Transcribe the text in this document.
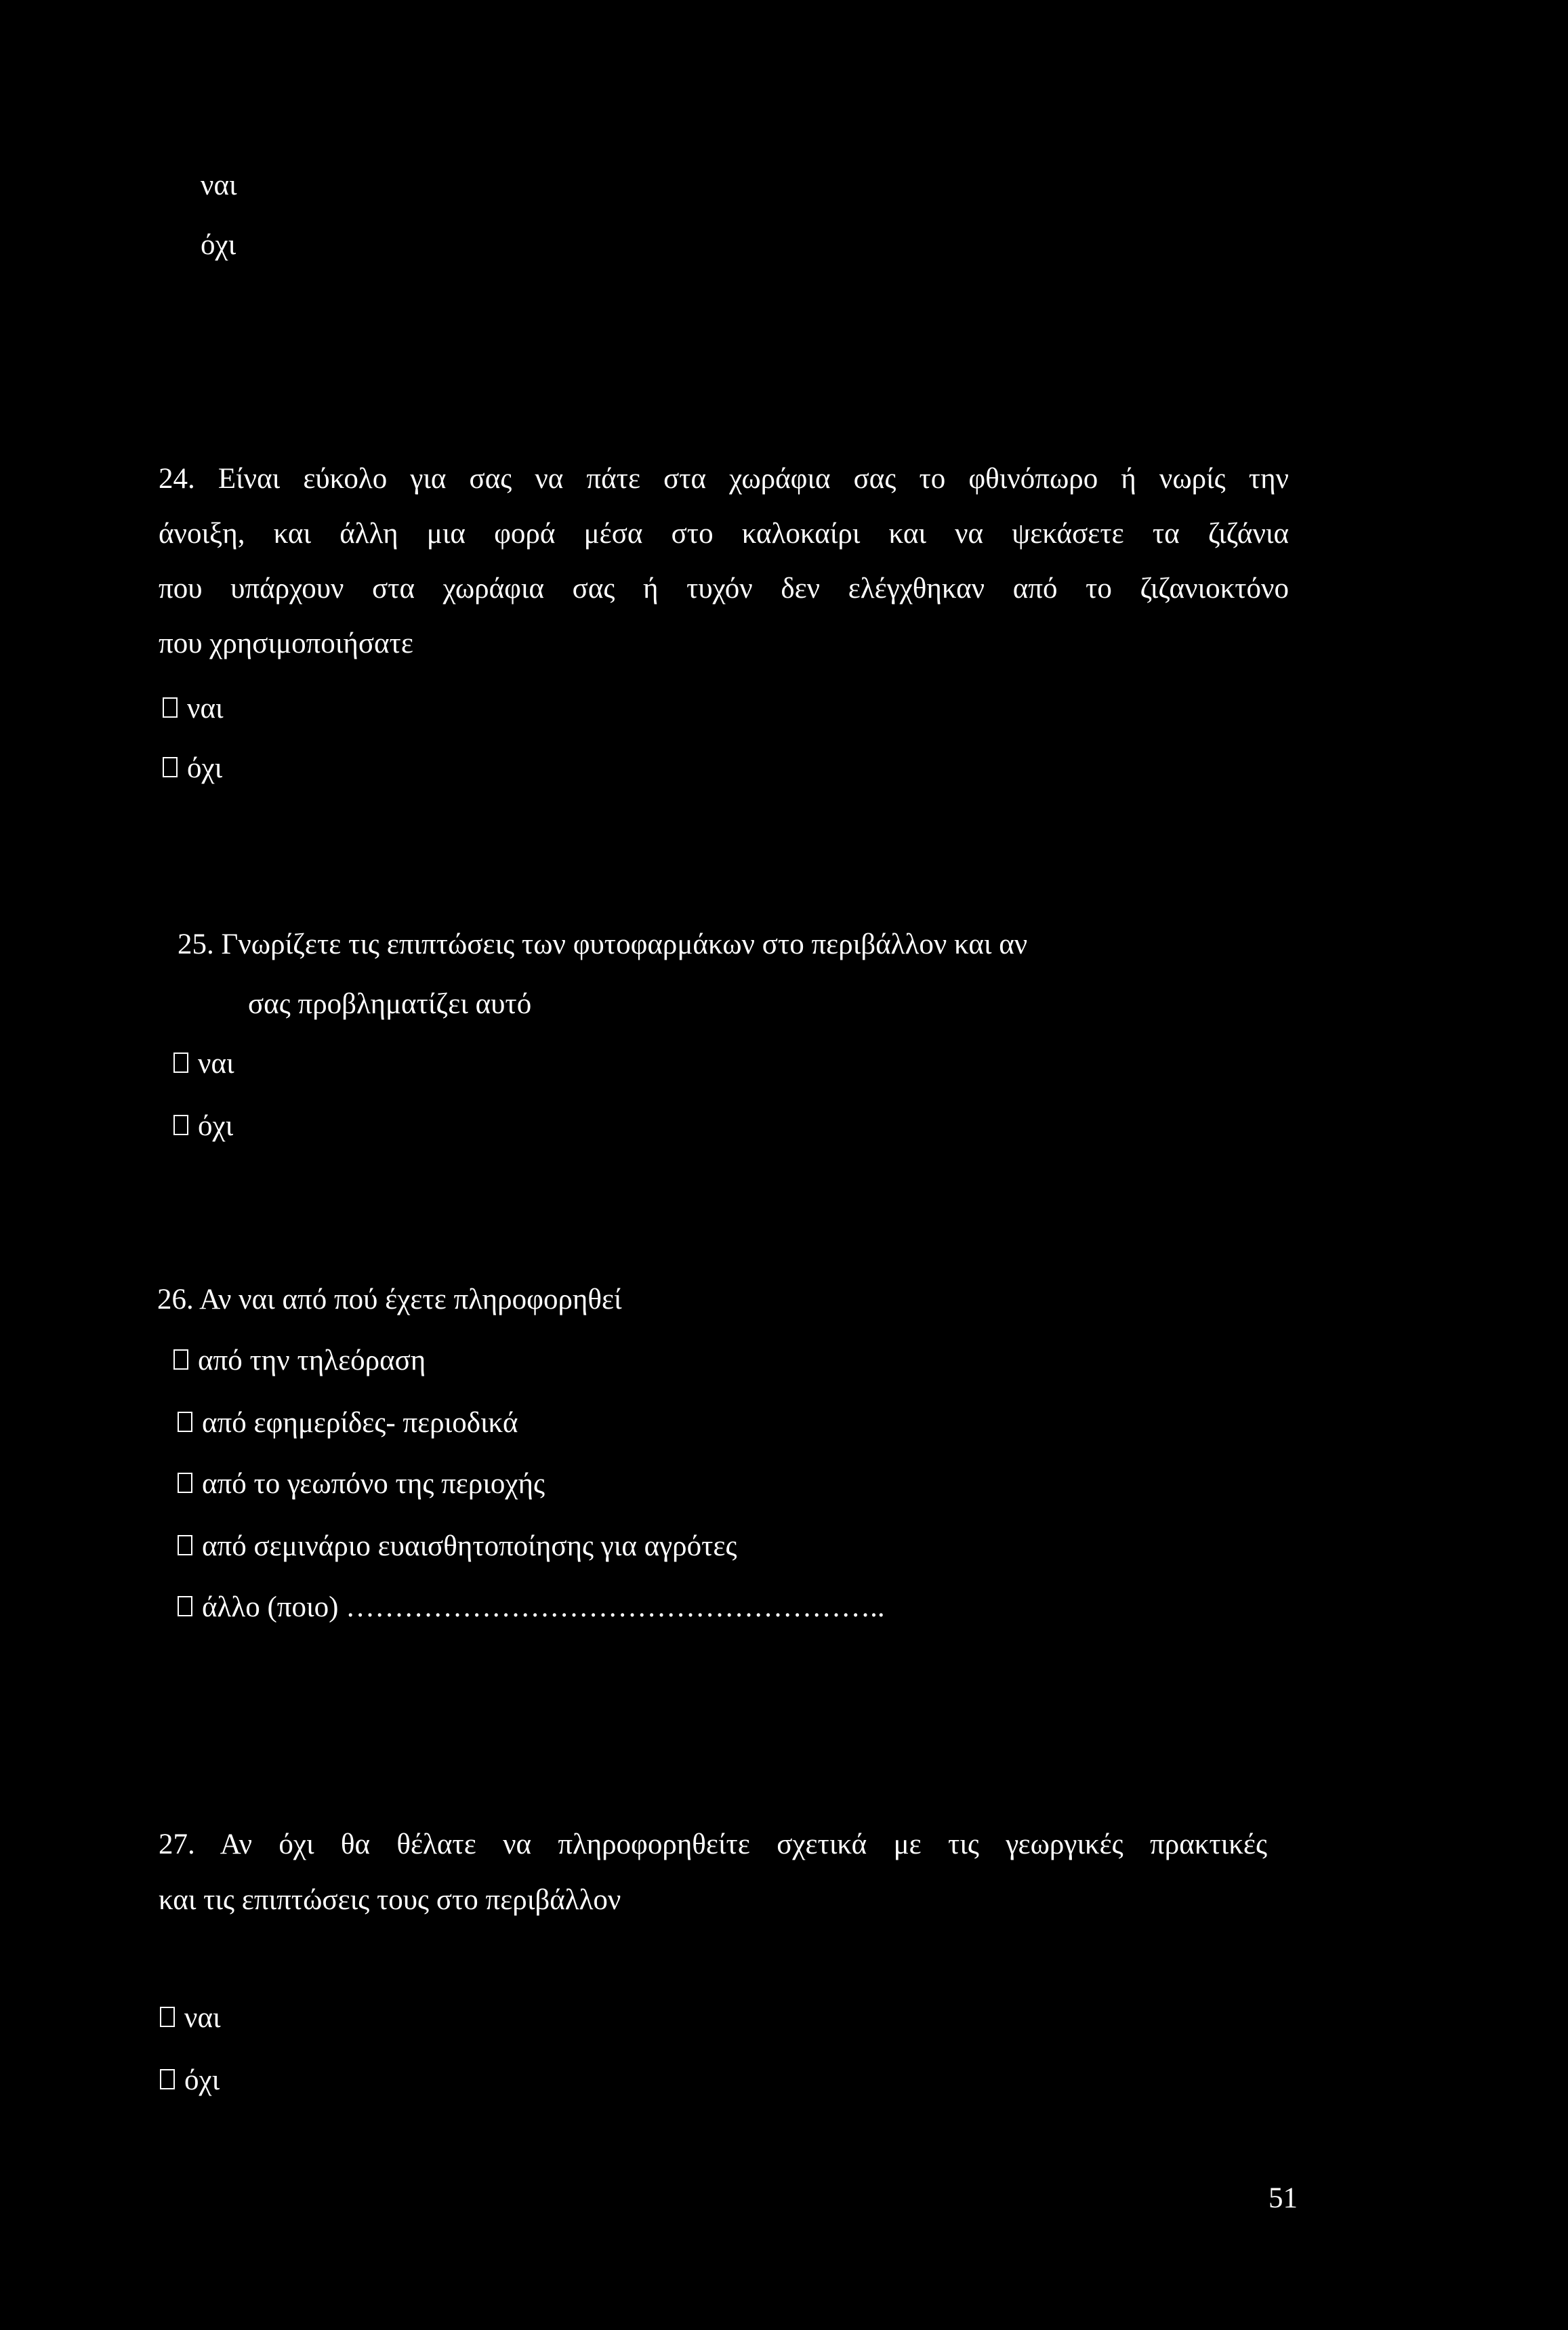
ναι
όχι
24. Είναι εύκολο για σας να πάτε στα χωράφια σας το φθινόπωρο ή νωρίς την
άνοιξη, και άλλη μια φορά μέσα στο καλοκαίρι και να ψεκάσετε τα ζιζάνια
που υπάρχουν στα χωράφια σας ή τυχόν δεν ελέγχθηκαν από το ζιζανιοκτόνο
που χρησιμοποιήσατε
ναι
όχι
25. Γνωρίζετε τις επιπτώσεις των φυτοφαρμάκων στο περιβάλλον και αν
σας προβληματίζει αυτό
ναι
όχι
26. Αν ναι από πού έχετε πληροφορηθεί
από την τηλεόραση
από εφημερίδες- περιοδικά
από το γεωπόνο της περιοχής
από σεμινάριο ευαισθητοποίησης για αγρότες
άλλο (ποιο) ………………………………………………..
27. Αν όχι θα θέλατε να πληροφορηθείτε σχετικά με τις γεωργικές πρακτικές
και τις επιπτώσεις τους στο περιβάλλον
ναι
όχι
51
